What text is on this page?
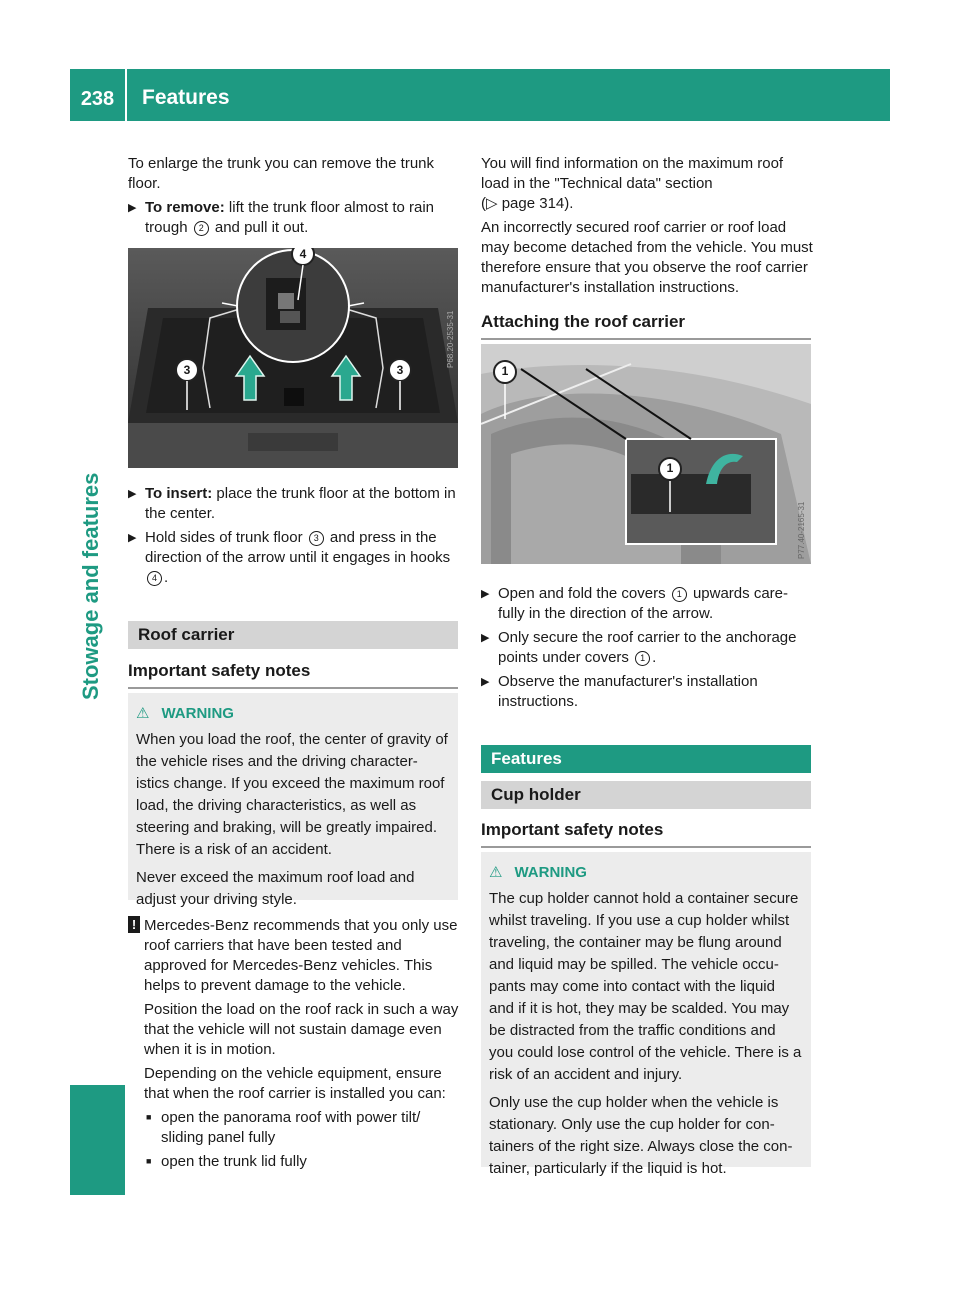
238	Features
Stowage and features

To enlarge the trunk you can remove the trunk floor.

▶ To remove: lift the trunk floor almost to rain trough 2 and pull it out.

4
3	3
P68.20-2535-31

▶ To insert: place the trunk floor at the bottom in the center.

▶ Hold sides of trunk floor 3 and press in the direction of the arrow until it engages in hooks 4 .

Roof carrier
Important safety notes
⚠ WARNING

When you load the roof, the center of gravity of the vehicle rises and the driving character-istics change. If you exceed the maximum roof load, the driving characteristics, as well as steering and braking, will be greatly impaired. There is a risk of an accident.

Never exceed the maximum roof load and adjust your driving style.

! Mercedes-Benz recommends that you only use roof carriers that have been tested and approved for Mercedes-Benz vehicles. This helps to prevent damage to the vehicle.

Position the load on the roof rack in such a way that the vehicle will not sustain damage even when it is in motion.

Depending on the vehicle equipment, ensure that when the roof carrier is installed you can:

■ open the panorama roof with power tilt/ sliding panel fully

■ open the trunk lid fully

You will find information on the maximum roof load in the "Technical data" section
(▷ page 314).

An incorrectly secured roof carrier or roof load may become detached from the vehicle. You must therefore ensure that you observe the roof carrier manufacturer's installation instructions.

Attaching the roof carrier
1
1
P77.40-2165-31

▶ Open and fold the covers 1 upwards care-fully in the direction of the arrow.

▶ Only secure the roof carrier to the anchorage points under covers 1 .

▶ Observe the manufacturer's installation instructions.

Features
Cup holder
Important safety notes
⚠ WARNING

The cup holder cannot hold a container secure whilst traveling. If you use a cup holder whilst traveling, the container may be flung around and liquid may be spilled. The vehicle occu-pants may come into contact with the liquid and if it is hot, they may be scalded. You may be distracted from the traffic conditions and you could lose control of the vehicle. There is a risk of an accident and injury.

Only use the cup holder when the vehicle is stationary. Only use the cup holder for con-tainers of the right size. Always close the con-tainer, particularly if the liquid is hot.
